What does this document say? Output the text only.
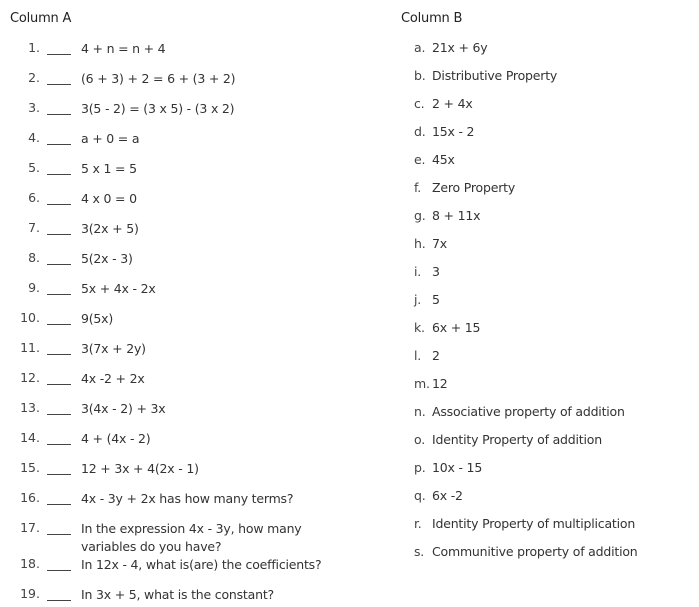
Column A	Column B
1.	4 + n = n + 4
2.	(6 + 3) + 2 = 6 + (3 + 2)
3.	3(5 - 2) = (3 x 5) - (3 x 2)
4.	a + 0 = a
5.	5 x 1 = 5
6.	4 x 0 = 0
7.	3(2x + 5)
8.	5(2x - 3)
9.	5x + 4x - 2x
10.	9(5x)
11.	3(7x + 2y)
12.	4x -2 + 2x
13.	3(4x - 2) + 3x
14.	4 + (4x - 2)
15.	12 + 3x + 4(2x - 1)
16.	4x - 3y + 2x has how many terms?
17.	In the expression 4x - 3y, how many variables do you have?
18.	In 12x - 4, what is(are) the coefficients?
19.	In 3x + 5, what is the constant?
a. 21x + 6y
b. Distributive Property
c. 2 + 4x
d. 15x - 2
e. 45x
f. Zero Property
g. 8 + 11x
h. 7x
i. 3
j. 5
k. 6x + 15
l. 2
m. 12
n. Associative property of addition
o. Identity Property of addition
p. 10x - 15
q. 6x -2
r. Identity Property of multiplication
s. Communitive property of addition
